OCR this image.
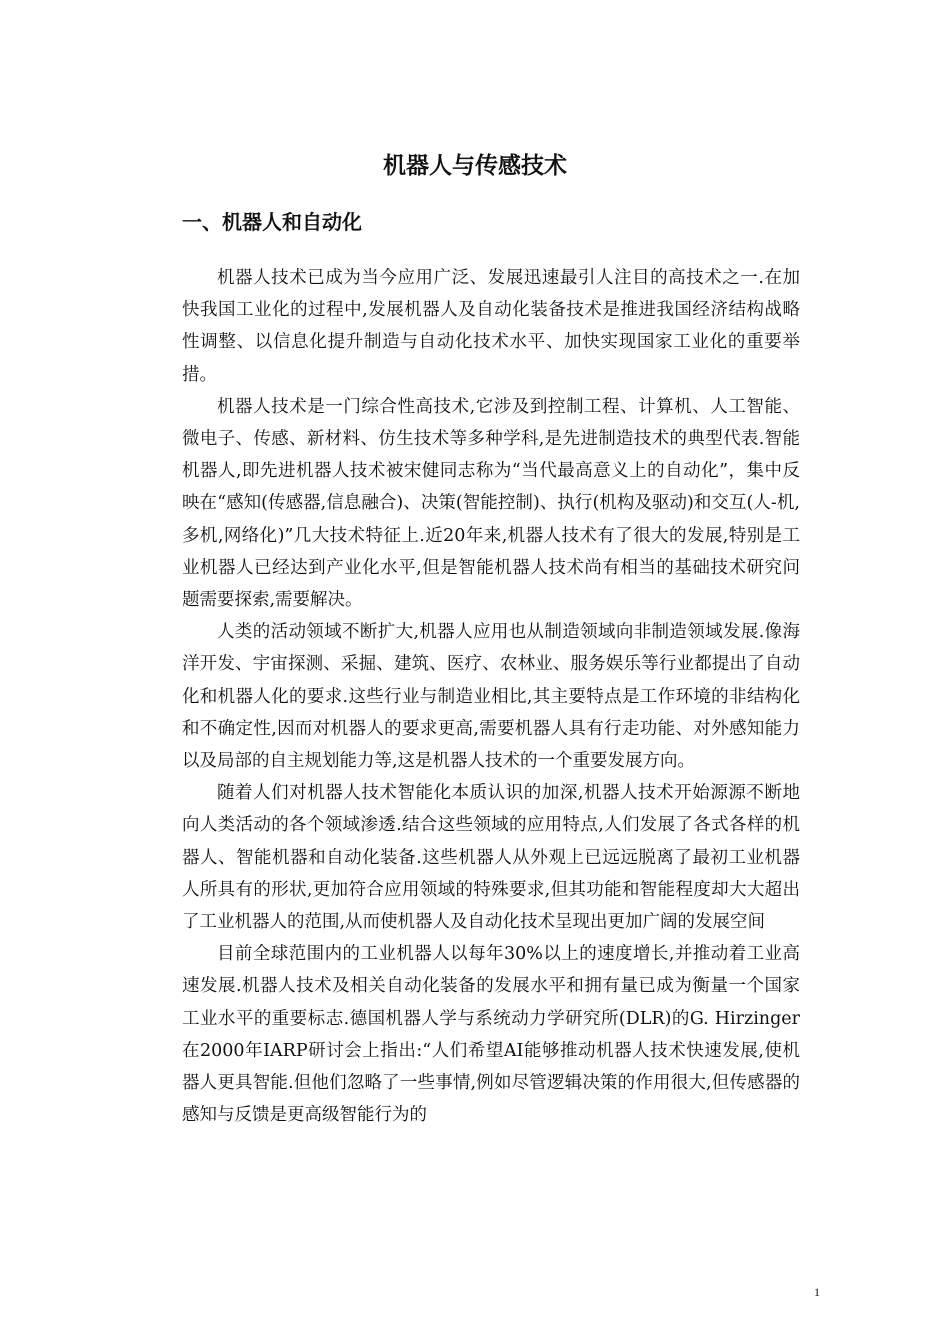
机器人与传感技术
一、机器人和自动化

机器人技术已成为当今应用广泛、发展迅速最引人注目的高技术之一.在加快我国工业化的过程中,发展机器人及自动化装备技术是推进我国经济结构战略性调整、以信息化提升制造与自动化技术水平、加快实现国家工业化的重要举措。

机器人技术是一门综合性高技术,它涉及到控制工程、计算机、人工智能、微电子、传感、新材料、仿生技术等多种学科,是先进制造技术的典型代表.智能机器人,即先进机器人技术被宋健同志称为“当代最高意义上的自动化”，集中反映在“感知(传感器,信息融合)、决策(智能控制)、执行(机构及驱动)和交互(人-机,多机,网络化)”几大技术特征上.近20年来,机器人技术有了很大的发展,特别是工业机器人已经达到产业化水平,但是智能机器人技术尚有相当的基础技术研究问题需要探索,需要解决。

人类的活动领域不断扩大,机器人应用也从制造领域向非制造领域发展.像海洋开发、宇宙探测、采掘、建筑、医疗、农林业、服务娱乐等行业都提出了自动化和机器人化的要求.这些行业与制造业相比,其主要特点是工作环境的非结构化和不确定性,因而对机器人的要求更高,需要机器人具有行走功能、对外感知能力以及局部的自主规划能力等,这是机器人技术的一个重要发展方向。

随着人们对机器人技术智能化本质认识的加深,机器人技术开始源源不断地向人类活动的各个领域渗透.结合这些领域的应用特点,人们发展了各式各样的机器人、智能机器和自动化装备.这些机器人从外观上已远远脱离了最初工业机器人所具有的形状,更加符合应用领域的特殊要求,但其功能和智能程度却大大超出了工业机器人的范围,从而使机器人及自动化技术呈现出更加广阔的发展空间

目前全球范围内的工业机器人以每年30%以上的速度增长,并推动着工业高速发展.机器人技术及相关自动化装备的发展水平和拥有量已成为衡量一个国家工业水平的重要标志.德国机器人学与系统动力学研究所(DLR)的G. Hirzinger在2000年IARP研讨会上指出:“人们希望AI能够推动机器人技术快速发展,使机器人更具智能.但他们忽略了一些事情,例如尽管逻辑决策的作用很大,但传感器的感知与反馈是更高级智能行为的

1
